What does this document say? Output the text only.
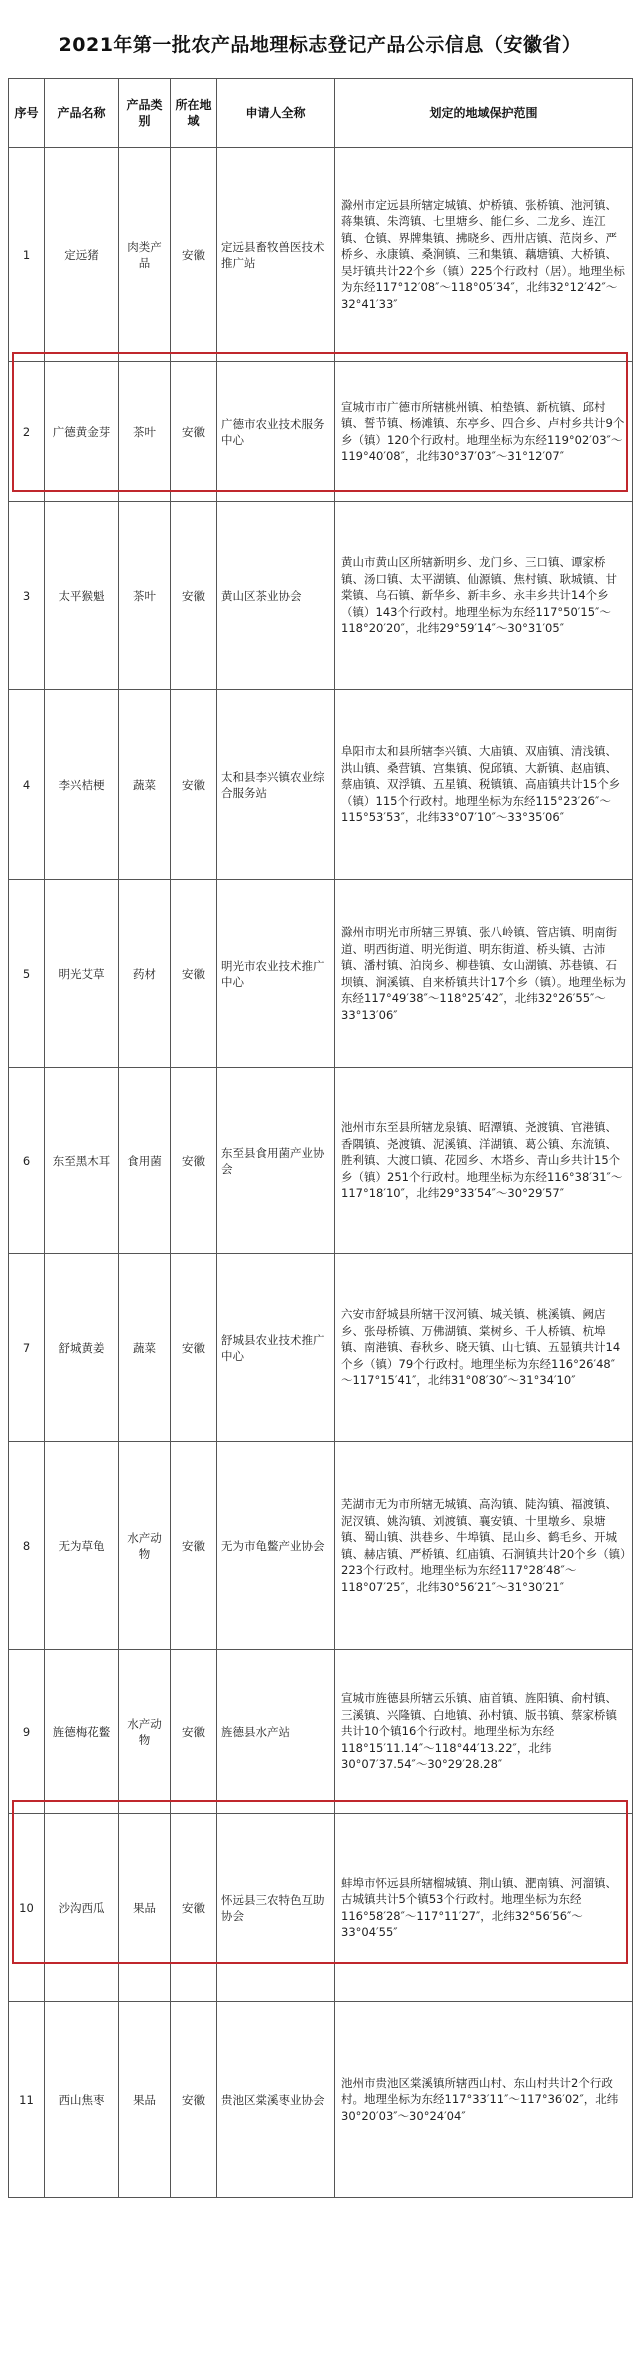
2021年第一批农产品地理标志登记产品公示信息（安徽省）
序号	产品名称	产品类别	所在地域	申请人全称	划定的地域保护范围
1	定远猪	肉类产品	安徽	定远县畜牧兽医技术推广站	滁州市定远县所辖定城镇、炉桥镇、张桥镇、池河镇、蒋集镇、朱湾镇、七里塘乡、能仁乡、二龙乡、连江镇、仓镇、界牌集镇、拂晓乡、西卅店镇、范岗乡、严桥乡、永康镇、桑涧镇、三和集镇、藕塘镇、大桥镇、吴圩镇共计22个乡（镇）225个行政村（居）。地理坐标为东经117°12′08″～118°05′34″，北纬32°12′42″～32°41′33″
2	广德黄金芽	茶叶	安徽	广德市农业技术服务中心	宣城市市广德市所辖桃州镇、柏垫镇、新杭镇、邱村镇、誓节镇、杨滩镇、东亭乡、四合乡、卢村乡共计9个乡（镇）120个行政村。地理坐标为东经119°02′03″～119°40′08″，北纬30°37′03″～31°12′07″
3	太平猴魁	茶叶	安徽	黄山区茶业协会	黄山市黄山区所辖新明乡、龙门乡、三口镇、谭家桥镇、汤口镇、太平湖镇、仙源镇、焦村镇、耿城镇、甘棠镇、乌石镇、新华乡、新丰乡、永丰乡共计14个乡（镇）143个行政村。地理坐标为东经117°50′15″～118°20′20″，北纬29°59′14″～30°31′05″
4	李兴桔梗	蔬菜	安徽	太和县李兴镇农业综合服务站	阜阳市太和县所辖李兴镇、大庙镇、双庙镇、清浅镇、洪山镇、桑营镇、宫集镇、倪邱镇、大新镇、赵庙镇、蔡庙镇、双浮镇、五星镇、税镇镇、高庙镇共计15个乡（镇）115个行政村。地理坐标为东经115°23′26″～115°53′53″，北纬33°07′10″～33°35′06″
5	明光艾草	药材	安徽	明光市农业技术推广中心	滁州市明光市所辖三界镇、张八岭镇、管店镇、明南街道、明西街道、明光街道、明东街道、桥头镇、古沛镇、潘村镇、泊岗乡、柳巷镇、女山湖镇、苏巷镇、石坝镇、涧溪镇、自来桥镇共计17个乡（镇）。地理坐标为东经117°49′38″～118°25′42″，北纬32°26′55″～33°13′06″
6	东至黑木耳	食用菌	安徽	东至县食用菌产业协会	池州市东至县所辖龙泉镇、昭潭镇、尧渡镇、官港镇、香隅镇、尧渡镇、泥溪镇、洋湖镇、葛公镇、东流镇、胜利镇、大渡口镇、花园乡、木塔乡、青山乡共计15个乡（镇）251个行政村。地理坐标为东经116°38′31″～117°18′10″，北纬29°33′54″～30°29′57″
7	舒城黄姜	蔬菜	安徽	舒城县农业技术推广中心	六安市舒城县所辖干汊河镇、城关镇、桃溪镇、阙店乡、张母桥镇、万佛湖镇、棠树乡、千人桥镇、杭埠镇、南港镇、春秋乡、晓天镇、山七镇、五显镇共计14个乡（镇）79个行政村。地理坐标为东经116°26′48″～117°15′41″，北纬31°08′30″～31°34′10″
8	无为草龟	水产动物	安徽	无为市龟鳖产业协会	芜湖市无为市所辖无城镇、高沟镇、陡沟镇、福渡镇、泥汊镇、姚沟镇、刘渡镇、襄安镇、十里墩乡、泉塘镇、蜀山镇、洪巷乡、牛埠镇、昆山乡、鹤毛乡、开城镇、赫店镇、严桥镇、红庙镇、石涧镇共计20个乡（镇）223个行政村。地理坐标为东经117°28′48″～118°07′25″，北纬30°56′21″～31°30′21″
9	旌德梅花鳖	水产动物	安徽	旌德县水产站	宣城市旌德县所辖云乐镇、庙首镇、旌阳镇、俞村镇、三溪镇、兴隆镇、白地镇、孙村镇、版书镇、蔡家桥镇共计10个镇16个行政村。地理坐标为东经118°15′11.14″～118°44′13.22″，北纬30°07′37.54″～30°29′28.28″
10	沙沟西瓜	果品	安徽	怀远县三农特色互助协会	蚌埠市怀远县所辖榴城镇、荆山镇、淝南镇、河溜镇、古城镇共计5个镇53个行政村。地理坐标为东经116°58′28″～117°11′27″，北纬32°56′56″～33°04′55″
11	西山焦枣	果品	安徽	贵池区棠溪枣业协会	池州市贵池区棠溪镇所辖西山村、东山村共计2个行政村。地理坐标为东经117°33′11″～117°36′02″，北纬30°20′03″～30°24′04″
